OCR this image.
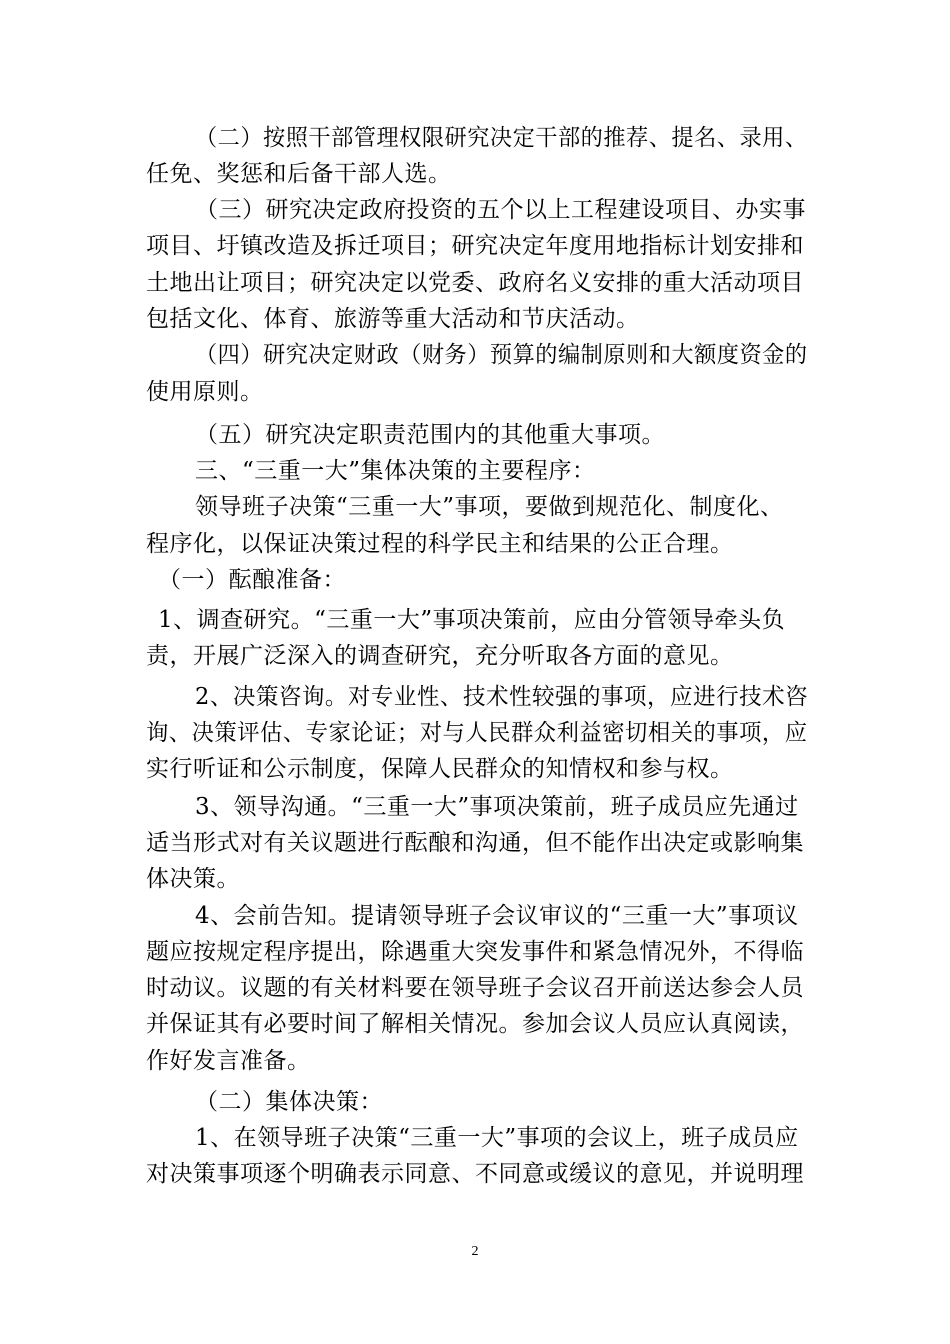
（二）按照干部管理权限研究决定干部的推荐、提名、录用、
任免、奖惩和后备干部人选。
（三）研究决定政府投资的五个以上工程建设项目、办实事
项目、圩镇改造及拆迁项目；研究决定年度用地指标计划安排和
土地出让项目；研究决定以党委、政府名义安排的重大活动项目
包括文化、体育、旅游等重大活动和节庆活动。
（四）研究决定财政（财务）预算的编制原则和大额度资金的
使用原则。
（五）研究决定职责范围内的其他重大事项。
三、“三重一大”集体决策的主要程序：
领导班子决策“三重一大”事项，要做到规范化、制度化、
程序化，以保证决策过程的科学民主和结果的公正合理。
（一）酝酿准备：
1、调查研究。“三重一大”事项决策前，应由分管领导牵头负
责，开展广泛深入的调查研究，充分听取各方面的意见。
2、决策咨询。对专业性、技术性较强的事项，应进行技术咨
询、决策评估、专家论证；对与人民群众利益密切相关的事项，应
实行听证和公示制度，保障人民群众的知情权和参与权。
3、领导沟通。“三重一大”事项决策前，班子成员应先通过
适当形式对有关议题进行酝酿和沟通，但不能作出决定或影响集
体决策。
4、会前告知。提请领导班子会议审议的“三重一大”事项议
题应按规定程序提出，除遇重大突发事件和紧急情况外，不得临
时动议。议题的有关材料要在领导班子会议召开前送达参会人员
并保证其有必要时间了解相关情况。参加会议人员应认真阅读，
作好发言准备。
（二）集体决策：
1、在领导班子决策“三重一大”事项的会议上，班子成员应
对决策事项逐个明确表示同意、不同意或缓议的意见，并说明理
2
